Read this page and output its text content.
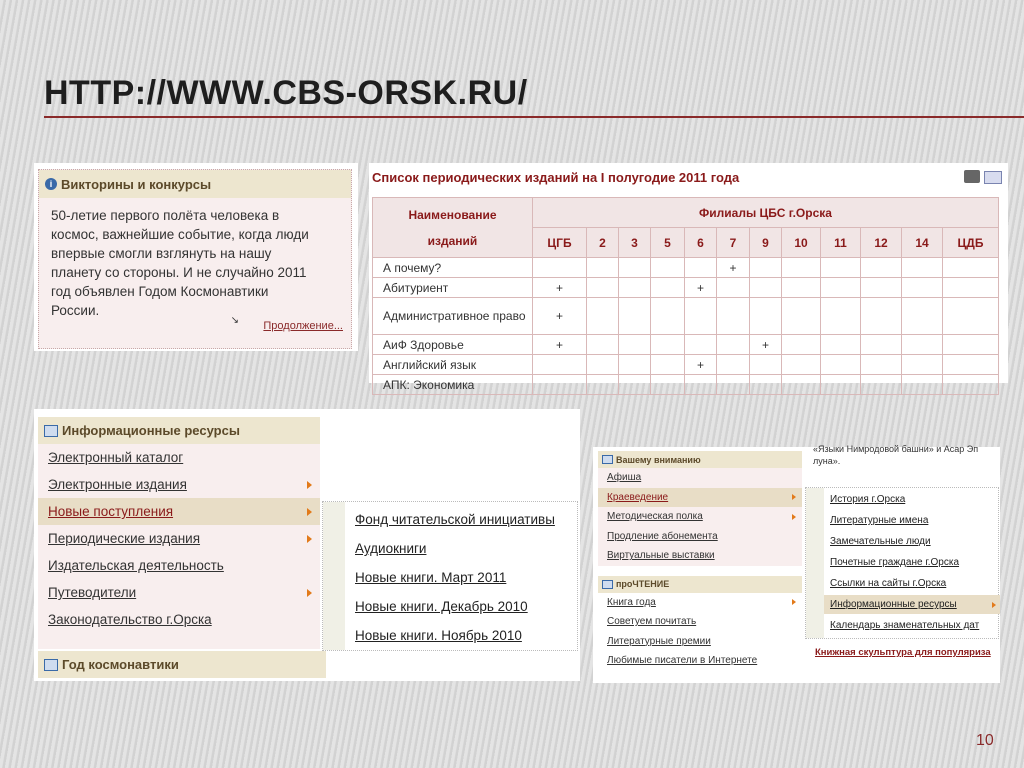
HTTP://WWW.CBS-ORSK.RU/
i Викторины и конкурсы
50-летие первого полёта человека в
космос, важнейшие событие, когда люди
впервые смогли взглянуть на нашу
планету со стороны. И не случайно 2011
год объявлен Годом Космонавтики
России.
↘ Продолжение...
Список периодических изданий на I полугодие 2011 года
Наименование
изданий	Филиалы ЦБС г.Орска											
	ЦГБ	2	3	5	6	7	9	10	11	12	14	ЦДБ
А почему?						+						
Абитуриент	+				+							
Административное право	+											
АиФ Здоровье	+						+					
Английский язык					+							
АПК: Экономика												
Информационные ресурсы
Электронный каталог
Электронные издания
Новые поступления
Периодические издания
Издательская деятельность
Путеводители
Законодательство г.Орска
Год космонавтики
Фонд читательской инициативы
Аудиокниги
Новые книги. Март 2011
Новые книги. Декабрь 2010
Новые книги. Ноябрь 2010
«Языки Нимродовой башни» и Асар Эп
луна».
Вашему вниманию
Афиша
Краеведение
Методическая полка
Продление абонемента
Виртуальные выставки
проЧТЕНИЕ
Книга года
Советуем почитать
Литературные премии
Любимые писатели в Интернете
История г.Орска
Литературные имена
Замечательные люди
Почетные граждане г.Орска
Ссылки на сайты г.Орска
Информационные ресурсы
Календарь знаменательных дат
Книжная скульптура для популяриза
10
